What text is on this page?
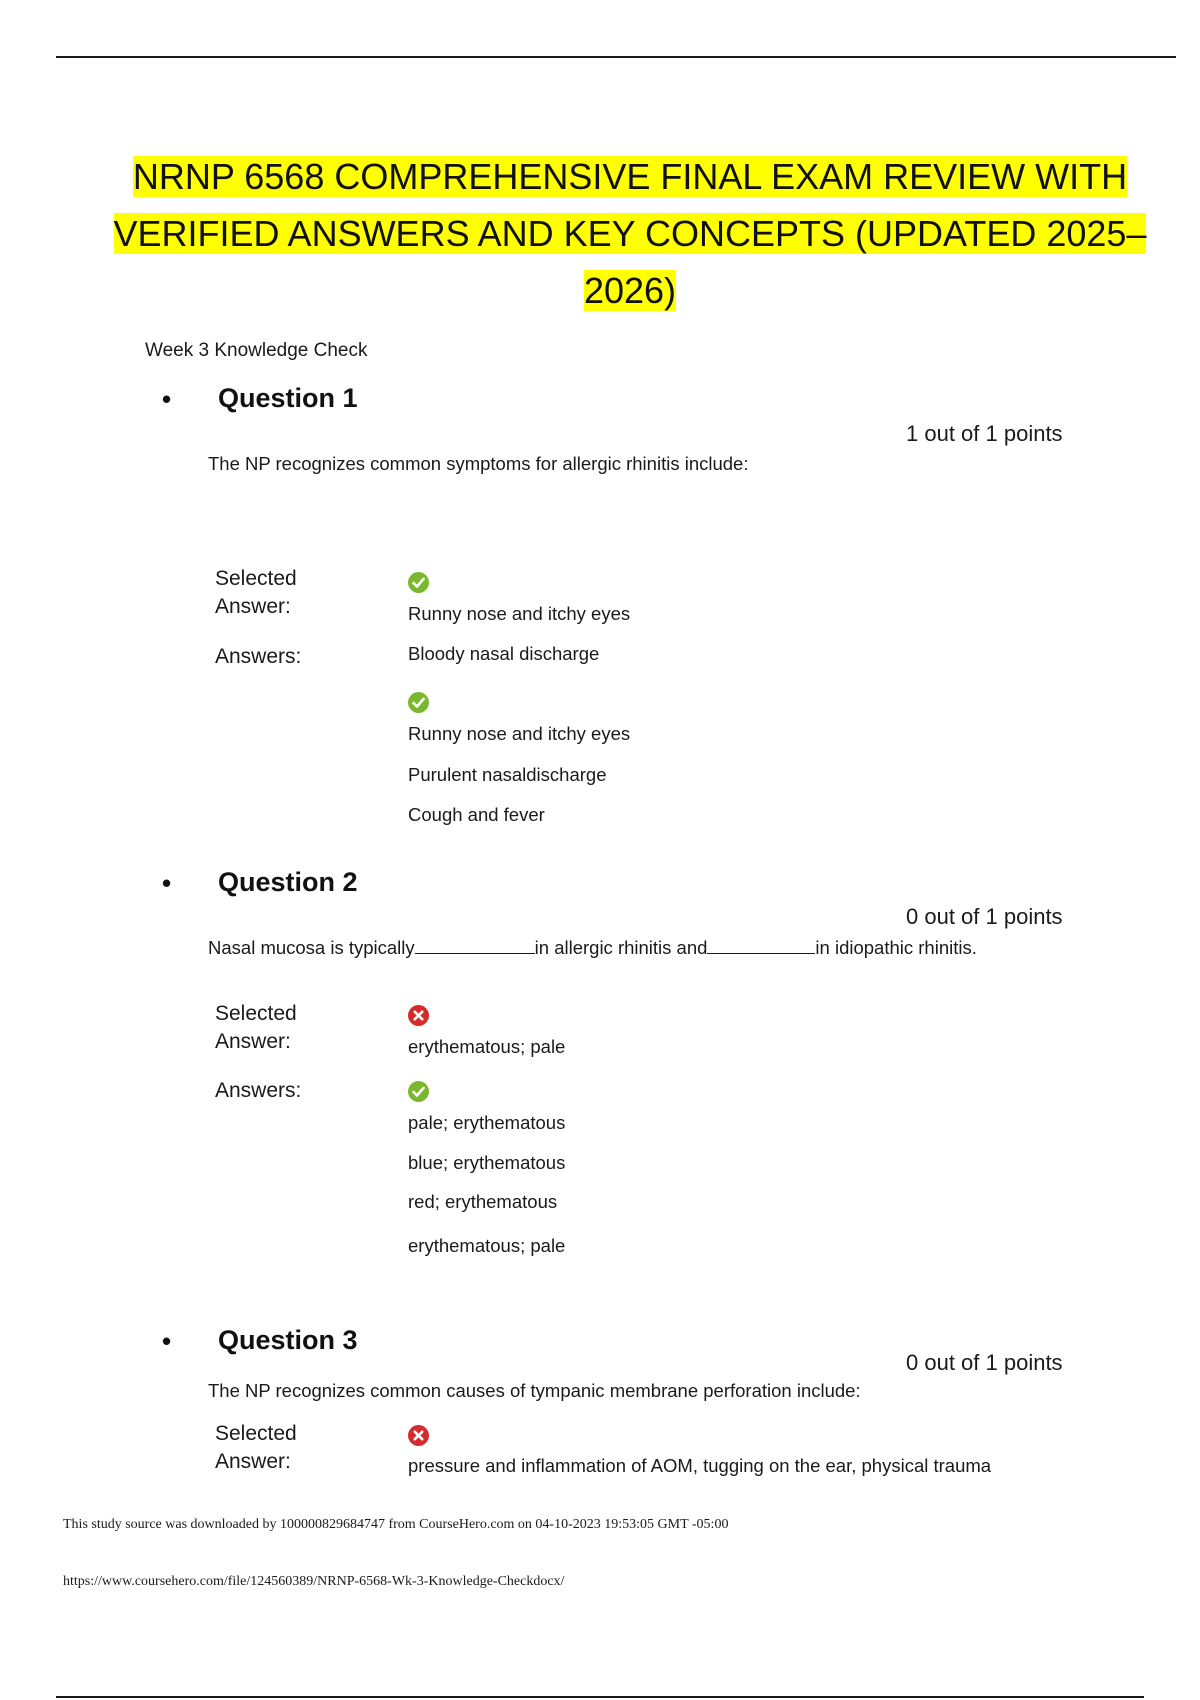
NRNP 6568 COMPREHENSIVE FINAL EXAM REVIEW WITH VERIFIED ANSWERS AND KEY CONCEPTS (UPDATED 2025–2026)
Week 3 Knowledge Check
• Question 1
1 out of 1 points
The NP recognizes common symptoms for allergic rhinitis include:
Selected
Answer:	Runny nose and itchy eyes
Answers:	Bloody nasal discharge
Runny nose and itchy eyes
Purulent nasaldischarge
Cough and fever
• Question 2
0 out of 1 points
Nasal mucosa is typically	in allergic rhinitis and	in idiopathic rhinitis.
Selected
Answer:	erythematous; pale
Answers:
pale; erythematous
blue; erythematous
red; erythematous
erythematous; pale
• Question 3
0 out of 1 points
The NP recognizes common causes of tympanic membrane perforation include:
Selected
Answer:	pressure and inflammation of AOM, tugging on the ear, physical trauma
This study source was downloaded by 100000829684747 from CourseHero.com on 04-10-2023 19:53:05 GMT -05:00
https://www.coursehero.com/file/124560389/NRNP-6568-Wk-3-Knowledge-Checkdocx/
